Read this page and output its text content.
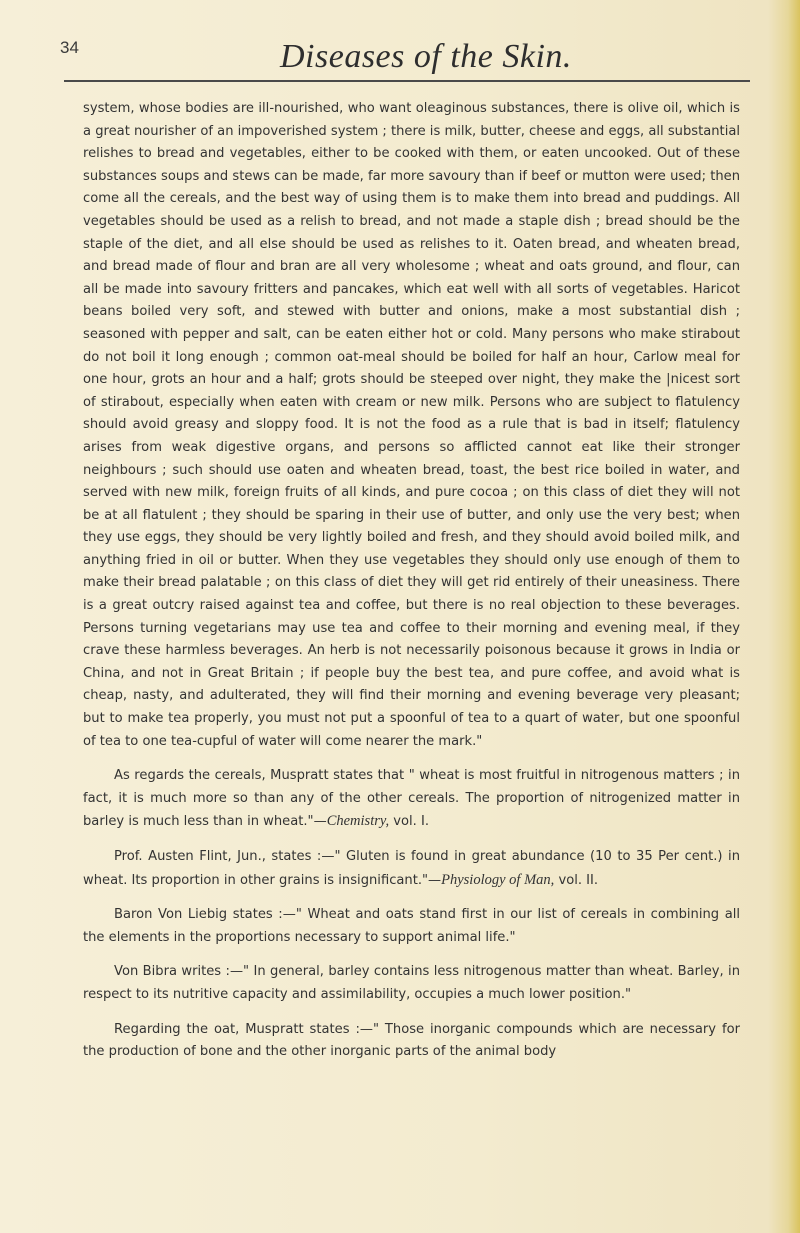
34	Diseases of the Skin.

system, whose bodies are ill-nourished, who want oleaginous substances, there is olive oil, which is a great nourisher of an impoverished system ; there is milk, butter, cheese and eggs, all substantial relishes to bread and vegetables, either to be cooked with them, or eaten uncooked. Out of these substances soups and stews can be made, far more savoury than if beef or mutton were used; then come all the cereals, and the best way of using them is to make them into bread and puddings. All vegetables should be used as a relish to bread, and not made a staple dish ; bread should be the staple of the diet, and all else should be used as relishes to it. Oaten bread, and wheaten bread, and bread made of flour and bran are all very wholesome ; wheat and oats ground, and flour, can all be made into savoury fritters and pancakes, which eat well with all sorts of vegetables. Haricot beans boiled very soft, and stewed with butter and onions, make a most substantial dish ; seasoned with pepper and salt, can be eaten either hot or cold. Many persons who make stirabout do not boil it long enough ; common oat-meal should be boiled for half an hour, Carlow meal for one hour, grots an hour and a half; grots should be steeped over night, they make the |nicest sort of stirabout, especially when eaten with cream or new milk. Persons who are subject to flatulency should avoid greasy and sloppy food. It is not the food as a rule that is bad in itself; flatulency arises from weak digestive organs, and persons so afflicted cannot eat like their stronger neighbours ; such should use oaten and wheaten bread, toast, the best rice boiled in water, and served with new milk, foreign fruits of all kinds, and pure cocoa ; on this class of diet they will not be at all flatulent ; they should be sparing in their use of butter, and only use the very best; when they use eggs, they should be very lightly boiled and fresh, and they should avoid boiled milk, and anything fried in oil or butter. When they use vegetables they should only use enough of them to make their bread palatable ; on this class of diet they will get rid entirely of their uneasiness. There is a great outcry raised against tea and coffee, but there is no real objection to these beverages. Persons turning vegetarians may use tea and coffee to their morning and evening meal, if they crave these harmless beverages. An herb is not necessarily poisonous because it grows in India or China, and not in Great Britain ; if people buy the best tea, and pure coffee, and avoid what is cheap, nasty, and adulterated, they will find their morning and evening beverage very pleasant; but to make tea properly, you must not put a spoonful of tea to a quart of water, but one spoonful of tea to one tea-cupful of water will come nearer the mark."

As regards the cereals, Muspratt states that " wheat is most fruitful in nitrogenous matters ; in fact, it is much more so than any of the other cereals. The proportion of nitrogenized matter in barley is much less than in wheat."—Chemistry, vol. I.

Prof. Austen Flint, Jun., states :—" Gluten is found in great abundance (10 to 35 Per cent.) in wheat. Its proportion in other grains is insignificant."—Physiology of Man, vol. II.

Baron Von Liebig states :—" Wheat and oats stand first in our list of cereals in combining all the elements in the proportions necessary to support animal life."

Von Bibra writes :—" In general, barley contains less nitrogenous matter than wheat. Barley, in respect to its nutritive capacity and assimilability, occupies a much lower position."

Regarding the oat, Muspratt states :—" Those inorganic compounds which are necessary for the production of bone and the other inorganic parts of the animal body
